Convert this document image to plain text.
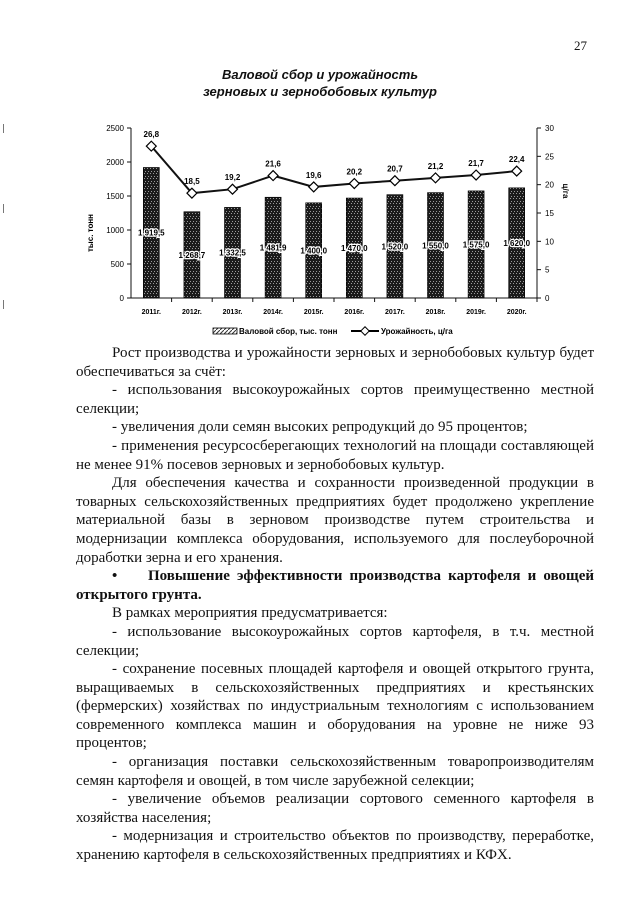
27
Валовой сбор и урожайность
зерновых и зернобобовых культур
0
500
1000
1500
2000
2500
0
5
10
15
20
25
30
тыс. тонн
ц/га
1 919,5
2011г.
1 268,7
2012г.
1 332,5
2013г.
1 481,9
2014г.
1 400,0
2015г.
1 470,0
2016г.
1 520,0
2017г.
1 550,0
2018г.
1 575,0
2019г.
1 620,0
2020г.
26,8
18,5	19,2
21,6
19,6	20,2	20,7	21,2	21,7	22,4
Валовой сбор, тыс. тонн	Урожайность, ц/га

Рост производства и урожайности зерновых и зернобобовых культур будет обеспечиваться за счёт:

- использования высокоурожайных сортов преимущественно местной селекции;

- увеличения доли семян высоких репродукций до 95 процентов;

- применения ресурсосберегающих технологий на площади составляющей не менее 91% посевов зерновых и зернобобовых культур.

Для обеспечения качества и сохранности произведенной продукции в товарных сельскохозяйственных предприятиях будет продолжено укрепление материальной базы в зерновом производстве путем строительства и модернизации комплекса оборудования, используемого для послеуборочной доработки зерна и его хранения.

• Повышение эффективности производства картофеля и овощей открытого грунта.

В рамках мероприятия предусматривается:

- использование высокоурожайных сортов картофеля, в т.ч. местной селекции;

- сохранение посевных площадей картофеля и овощей открытого грунта, выращиваемых в сельскохозяйственных предприятиях и крестьянских (фермерских) хозяйствах по индустриальным технологиям с использованием современного комплекса машин и оборудования на уровне не ниже 93 процентов;

- организация поставки сельскохозяйственным товаропроизводителям семян картофеля и овощей, в том числе зарубежной селекции;

- увеличение объемов реализации сортового семенного картофеля в хозяйства населения;

- модернизация и строительство объектов по производству, переработке, хранению картофеля в сельскохозяйственных предприятиях и КФХ.
